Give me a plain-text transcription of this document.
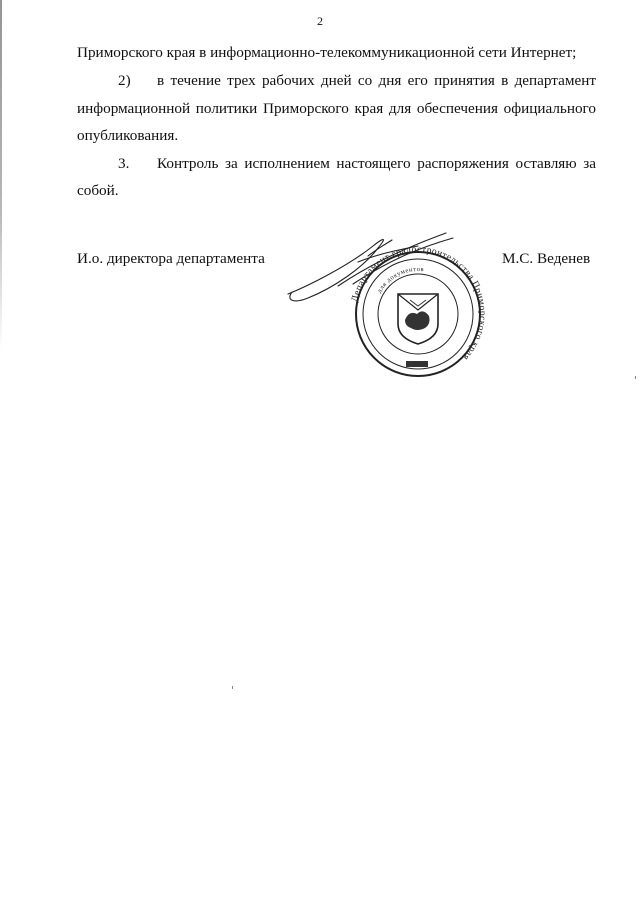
2
Приморского края в информационно-телекоммуникационной сети Интернет;
2) в течение трех рабочих дней со дня его принятия в департамент
информационной политики Приморского края для обеспечения официального
опубликования.
3. Контроль за исполнением настоящего распоряжения оставляю за
собой.
И.о. директора департамента	М.С. Веденев
Департамент градостроительства Приморского края
для документов
